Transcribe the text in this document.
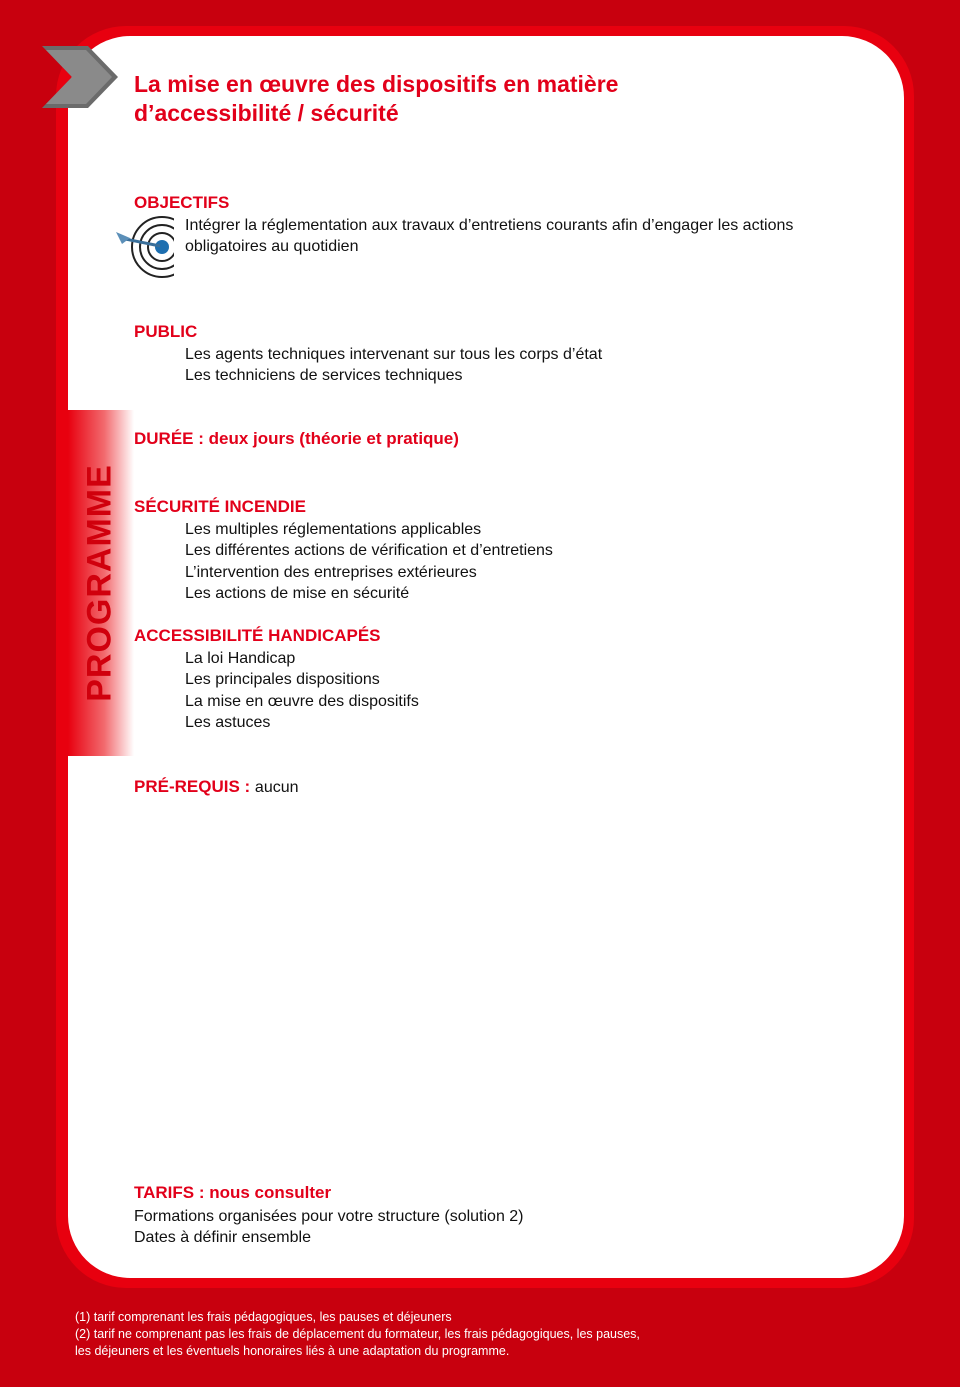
La mise en œuvre des dispositifs en matière
d’accessibilité / sécurité
PROGRAMME
OBJECTIFS
Intégrer la réglementation aux travaux d’entretiens courants afin d’engager les actions
obligatoires au quotidien
PUBLIC
Les agents techniques intervenant sur tous les corps d’état
Les techniciens de services techniques
DURÉE : deux jours (théorie et pratique)
SÉCURITÉ INCENDIE
Les multiples réglementations applicables
Les différentes actions de vérification et d’entretiens
L’intervention des entreprises extérieures
Les actions de mise en sécurité
ACCESSIBILITÉ HANDICAPÉS
La loi Handicap
Les principales dispositions
La mise en œuvre des dispositifs
Les astuces
PRÉ-REQUIS : aucun
TARIFS : nous consulter
Formations organisées pour votre structure (solution 2)
Dates à définir ensemble
(1) tarif comprenant les frais pédagogiques, les pauses et déjeuners
(2) tarif ne comprenant pas les frais de déplacement du formateur, les frais pédagogiques, les pauses,
les déjeuners et les éventuels honoraires liés à une adaptation du programme.
